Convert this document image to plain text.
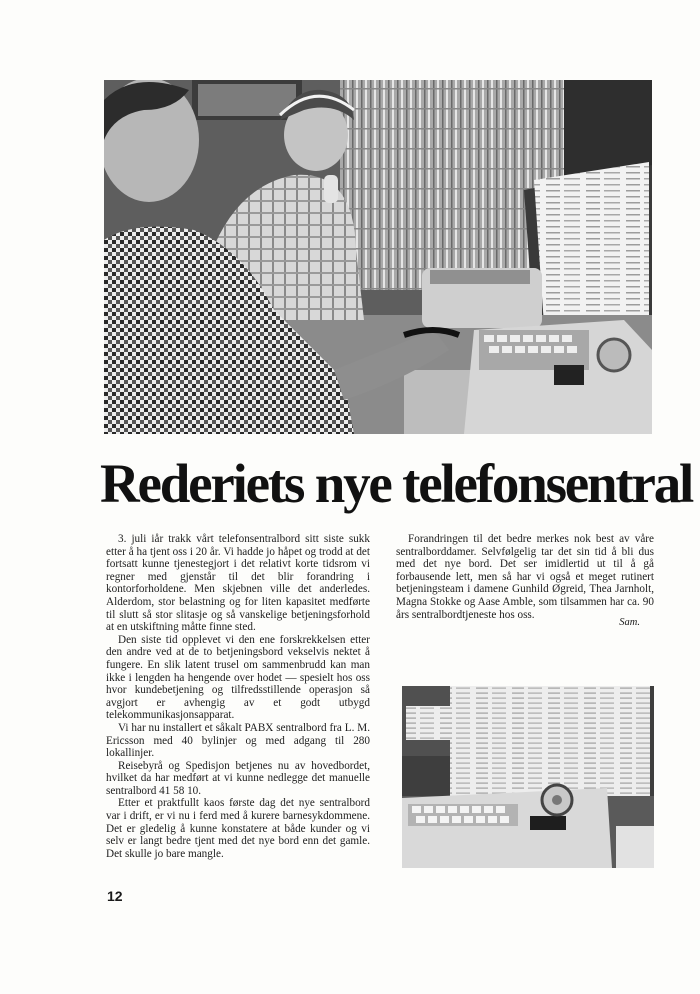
Rederiets nye telefonsentral

3. juli iår trakk vårt telefonsentralbord sitt siste sukk etter å ha tjent oss i 20 år. Vi hadde jo håpet og trodd at det fortsatt kunne tjenestegjort i det relativt korte tidsrom vi regner med gjenstår til det blir forandring i kontorforholdene. Men skjebnen ville det anderledes. Alderdom, stor belastning og for liten kapasitet medførte til slutt så stor slitasje og så vanskelige betjeningsforhold at en utskiftning måtte finne sted.

Den siste tid opplevet vi den ene forskrekkelsen etter den andre ved at de to betjeningsbord vekselvis nektet å fungere. En slik latent trusel om sammenbrudd kan man ikke i lengden ha hengende over hodet — spesielt hos oss hvor kundebetjening og tilfredsstillende operasjon så avgjort er avhengig av et godt utbygd telekommunikasjonsapparat.

Vi har nu installert et såkalt PABX sentralbord fra L. M. Ericsson med 40 bylinjer og med adgang til 280 lokallinjer.

Reisebyrå og Spedisjon betjenes nu av hovedbordet, hvilket da har medført at vi kunne nedlegge det manuelle sentralbord 41 58 10.

Etter et praktfullt kaos første dag det nye sentralbord var i drift, er vi nu i ferd med å kurere barnesykdommene. Det er gledelig å kunne konstatere at både kunder og vi selv er langt bedre tjent med det nye bord enn det gamle. Det skulle jo bare mangle.

Forandringen til det bedre merkes nok best av våre sentralborddamer. Selvfølgelig tar det sin tid å bli dus med det nye bord. Det ser imidlertid ut til å gå forbausende lett, men så har vi også et meget rutinert betjeningsteam i damene Gunhild Øgreid, Thea Jarnholt, Magna Stokke og Aase Amble, som tilsammen har ca. 90 års sentralbordtjeneste hos oss.

Sam.
12
